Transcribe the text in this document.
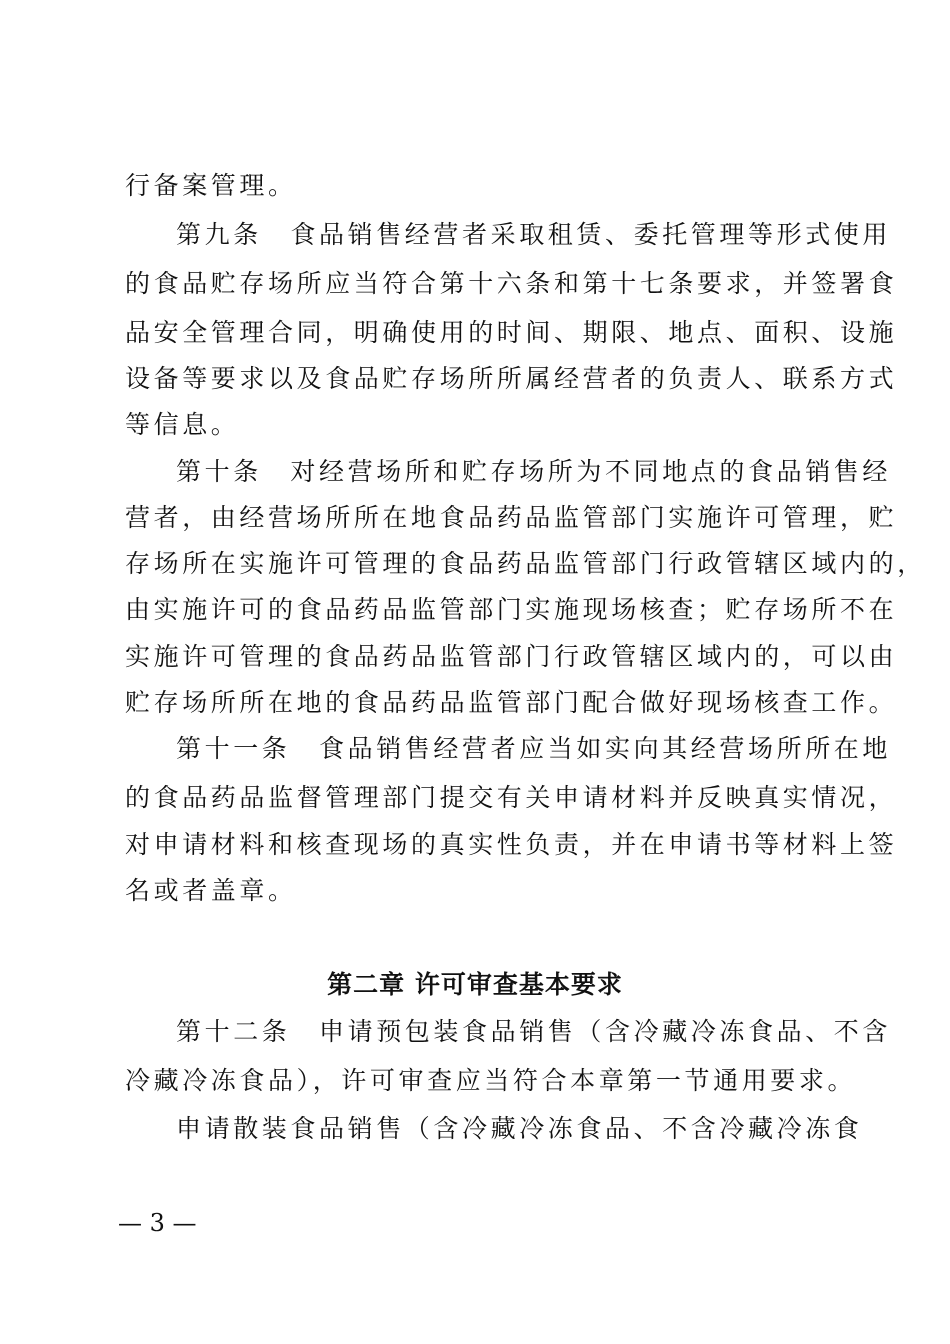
行备案管理。
第九条　食品销售经营者采取租赁、委托管理等形式使用
的食品贮存场所应当符合第十六条和第十七条要求，并签署食
品安全管理合同，明确使用的时间、期限、地点、面积、设施
设备等要求以及食品贮存场所所属经营者的负责人、联系方式
等信息。
第十条　对经营场所和贮存场所为不同地点的食品销售经
营者，由经营场所所在地食品药品监管部门实施许可管理，贮
存场所在实施许可管理的食品药品监管部门行政管辖区域内的，
由实施许可的食品药品监管部门实施现场核查；贮存场所不在
实施许可管理的食品药品监管部门行政管辖区域内的，可以由
贮存场所所在地的食品药品监管部门配合做好现场核查工作。
第十一条　食品销售经营者应当如实向其经营场所所在地
的食品药品监督管理部门提交有关申请材料并反映真实情况，
对申请材料和核查现场的真实性负责，并在申请书等材料上签
名或者盖章。
第二章 许可审查基本要求
第十二条　申请预包装食品销售（含冷藏冷冻食品、不含
冷藏冷冻食品），许可审查应当符合本章第一节通用要求。
申请散装食品销售（含冷藏冷冻食品、不含冷藏冷冻食
— 3 —
